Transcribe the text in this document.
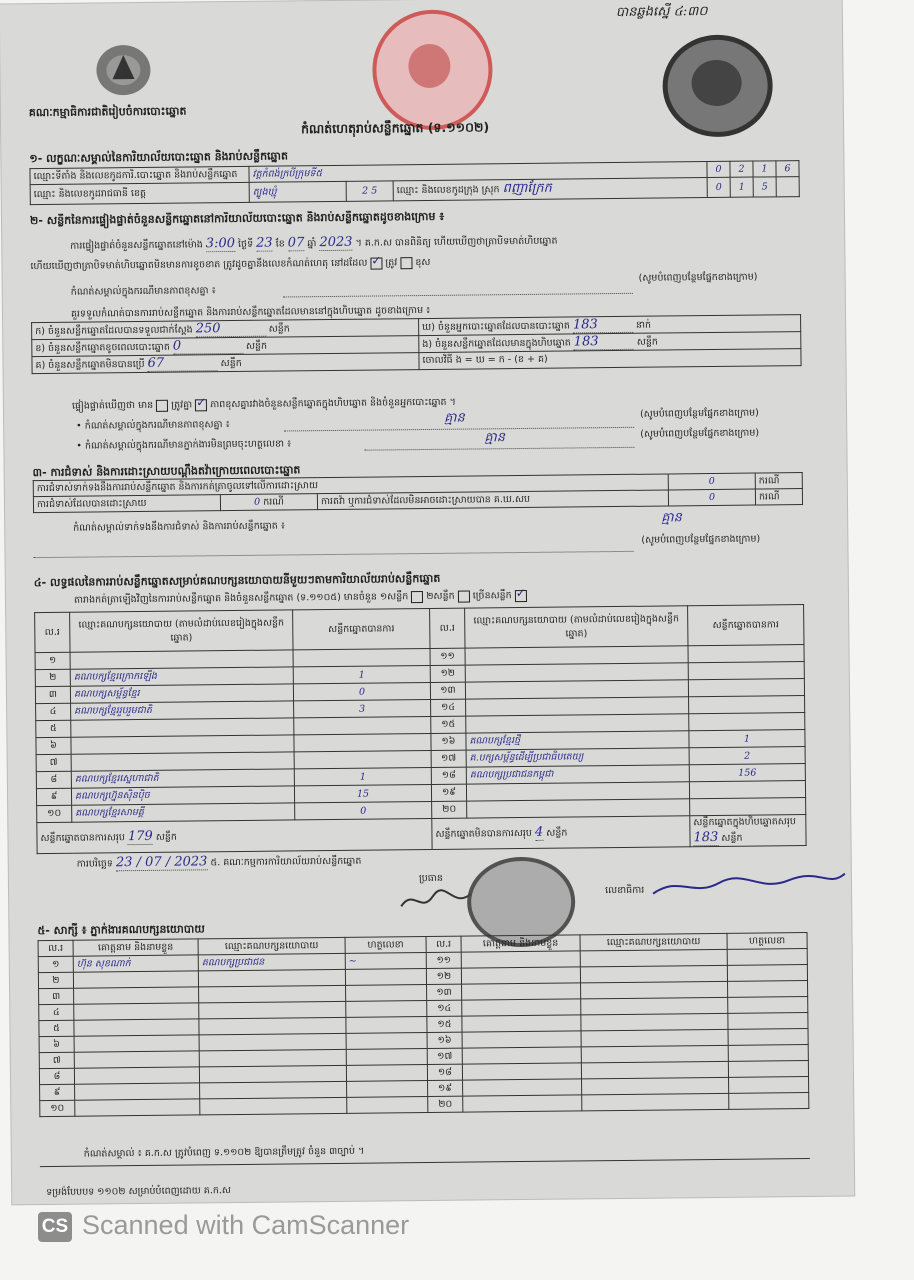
បានឆ្លងស្នើ ៤:៣០
គណៈកម្មាធិការជាតិរៀបចំការបោះឆ្នោត
កំណត់ហេតុរាប់សន្លឹកឆ្នោត (ទ.១១០២)
១- លក្ខណៈសម្គាល់នៃការិយាល័យបោះឆ្នោត និងរាប់សន្លឹកឆ្នោត
ឈ្មោះទីតាំង និងលេខកូដការិ.បោះឆ្នោត និងរាប់សន្លឹកឆ្នោត	វត្តកំពង់ក្របីក្រុមទី៥			0	2	1	6
ឈ្មោះ និងលេខកូដរាជធានី ខេត្ត	ត្បូងឃ្មុំ	2 5	ឈ្មោះ និងលេខកូដក្រុង ស្រុក ពញាក្រែក	0	1	5	
២- សន្លឹកនៃការផ្ទៀងផ្ទាត់ចំនួនសន្លឹកឆ្នោតនៅការិយាល័យបោះឆ្នោត និងរាប់សន្លឹកឆ្នោតដូចខាងក្រោម ៖
ការផ្ទៀងផ្ទាត់ចំនួនសន្លឹកឆ្នោតនៅម៉ោង 3:00 ថ្ងៃទី 23 ខែ 07 ឆ្នាំ 2023 ។ គ.ក.ស បានពិនិត្យ ហើយឃើញថាត្រាបិទមាត់ហិបឆ្នោត
ហើយឃើញថាត្រាបិទមាត់ហិបឆ្នោតមិនមានការខូចខាត ត្រូវដូចគ្នានឹងលេខកំណត់ហេតុ នៅដដែល ✓ ត្រូវ ខុស
កំណត់សម្គាល់ក្នុងករណីមានភាពខុសគ្នា ៖
(សូមបំពេញបន្ថែមផ្នែកខាងក្រោម)
គួរទទួលកំណត់បានការរាប់សន្លឹកឆ្នោត និងការរាប់សន្លឹកឆ្នោតដែលមាននៅក្នុងហិបឆ្នោត ដូចខាងក្រោម ៖
ក) ចំនួនសន្លឹកឆ្នោតដែលបានទទួលជាក់ស្តែង 250 សន្លឹក	ឃ) ចំនួនអ្នកបោះឆ្នោតដែលបានបោះឆ្នោត 183 នាក់
ខ) ចំនួនសន្លឹកឆ្នោតខូចពេលបោះឆ្នោត 0 សន្លឹក	ង) ចំនួនសន្លឹកឆ្នោតដែលមានក្នុងហិបឆ្នោត 183 សន្លឹក
គ) ចំនួនសន្លឹកឆ្នោតមិនបានប្រើ 67 សន្លឹក	ចោលវិធី ង = ឃ = ក - (ខ + គ)
ផ្ទៀងផ្ទាត់ឃើញថា មាន ត្រូវគ្នា ✓ ភាពខុសគ្នារវាងចំនួនសន្លឹកឆ្នោតក្នុងហិបឆ្នោត និងចំនួនអ្នកបោះឆ្នោត ។
• កំណត់សម្គាល់ក្នុងករណីមានភាពខុសគ្នា ៖	គ្មាន	(សូមបំពេញបន្ថែមផ្នែកខាងក្រោម)
• កំណត់សម្គាល់ក្នុងករណីមានភ្នាក់ងារមិនព្រមចុះហត្ថលេខា ៖	គ្មាន	(សូមបំពេញបន្ថែមផ្នែកខាងក្រោម)
៣- ការជំទាស់ និងការដោះស្រាយបណ្តឹងតវ៉ាក្រោយពេលបោះឆ្នោត
ការជំទាស់ទាក់ទងនឹងការរាប់សន្លឹកឆ្នោត និងការកត់ត្រាចូលទៅលើការដោះស្រាយ			0	ករណី
ការជំទាស់ដែលបានដោះស្រាយ	0 ករណី	ការតវ៉ា ឬការជំទាស់ដែលមិនអាចដោះស្រាយបាន គ.ឃ.សប	0	ករណី
កំណត់សម្គាល់ទាក់ទងនឹងការជំទាស់ និងការរាប់សន្លឹកឆ្នោត ៖
គ្មាន
(សូមបំពេញបន្ថែមផ្នែកខាងក្រោម)
៤- លទ្ធផលនៃការរាប់សន្លឹកឆ្នោតសម្រាប់គណបក្សនយោបាយនីមួយៗតាមការិយាល័យរាប់សន្លឹកឆ្នោត
តារាងកត់ត្រាឡើងវិញនៃការរាប់សន្លឹកឆ្នោត និងចំនួនសន្លឹកឆ្នោត (ទ.១១០៥) មានចំនួន ១សន្លឹក ២សន្លឹក ច្រើនសន្លឹក ✓
ល.រ	ឈ្មោះគណបក្សនយោបាយ (តាមលំដាប់លេខរៀងក្នុងសន្លឹកឆ្នោត)	សន្លឹកឆ្នោតបានការ	ល.រ	ឈ្មោះគណបក្សនយោបាយ (តាមលំដាប់លេខរៀងក្នុងសន្លឹកឆ្នោត)	សន្លឹកឆ្នោតបានការ
១			១១		
២	គណបក្សខ្មែរក្រោកឡើង	1	១២		
៣	គណបក្សសម្ព័ន្ធខ្មែរ	0	១៣		
៤	គណបក្សខ្មែររួបរួមជាតិ	3	១៤		
៥			១៥		
៦			១៦	គណបក្សខ្មែរថ្មី	1
៧			១៧	គ.បក្សសម្ព័ន្ធដើម្បីប្រជាធិបតេយ្យ	2
៨	គណបក្សខ្មែរស្នេហាជាតិ	1	១៨	គណបក្សប្រជាជនកម្ពុជា	156
៩	គណបក្សហ្វ៊ុនស៊ិនប៉ិច	15	១៩		
១០	គណបក្សខ្មែរសាមគ្គី	0	២០		
សន្លឹកឆ្នោតបានការសរុប 179 សន្លឹក			សន្លឹកឆ្នោតមិនបានការសរុប 4 សន្លឹក		សន្លឹកឆ្នោតក្នុងហិបឆ្នោតសរុប 183 សន្លឹក
ការបរិច្ឆេទ 23 / 07 / 2023 ៥. គណៈកម្មការការិយាល័យរាប់សន្លឹកឆ្នោត
ប្រធាន
លេខាធិការ
៥- សាក្សី ៖ ភ្នាក់ងារគណបក្សនយោបាយ
ល.រ	គោត្តនាម និងនាមខ្លួន	ឈ្មោះគណបក្សនយោបាយ	ហត្ថលេខា	ល.រ	គោត្តនាម និងនាមខ្លួន	ឈ្មោះគណបក្សនយោបាយ	ហត្ថលេខា
១	ហ៊ុន សុខណាក់	គណបក្សប្រជាជន	~	១១			
២				១២			
៣				១៣			
៤				១៤			
៥				១៥			
៦				១៦			
៧				១៧			
៨				១៨			
៩				១៩			
១០				២០			
កំណត់សម្គាល់ ៖ គ.ក.ស ត្រូវបំពេញ ទ.១១០២ ឱ្យបានត្រឹមត្រូវ ចំនួន ៣ច្បាប់ ។
ទម្រង់បែបបទ ១១០២ សម្រាប់បំពេញដោយ គ.ក.ស
CS Scanned with CamScanner
